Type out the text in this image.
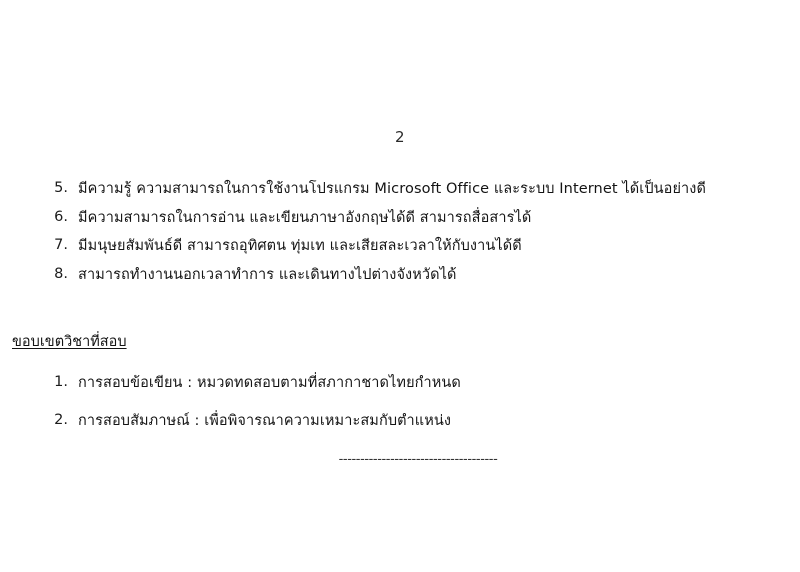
2
5. มีความรู้ ความสามารถในการใช้งานโปรแกรม Microsoft Office และระบบ Internet ได้เป็นอย่างดี
6. มีความสามารถในการอ่าน และเขียนภาษาอังกฤษได้ดี สามารถสื่อสารได้
7. มีมนุษยสัมพันธ์ดี สามารถอุทิศตน ทุ่มเท และเสียสละเวลาให้กับงานได้ดี
8. สามารถทำงานนอกเวลาทำการ และเดินทางไปต่างจังหวัดได้
ขอบเขตวิชาที่สอบ
1. การสอบข้อเขียน : หมวดทดสอบตามที่สภากาชาดไทยกำหนด
2. การสอบสัมภาษณ์ : เพื่อพิจารณาความเหมาะสมกับตำแหน่ง
-------------------------------------
